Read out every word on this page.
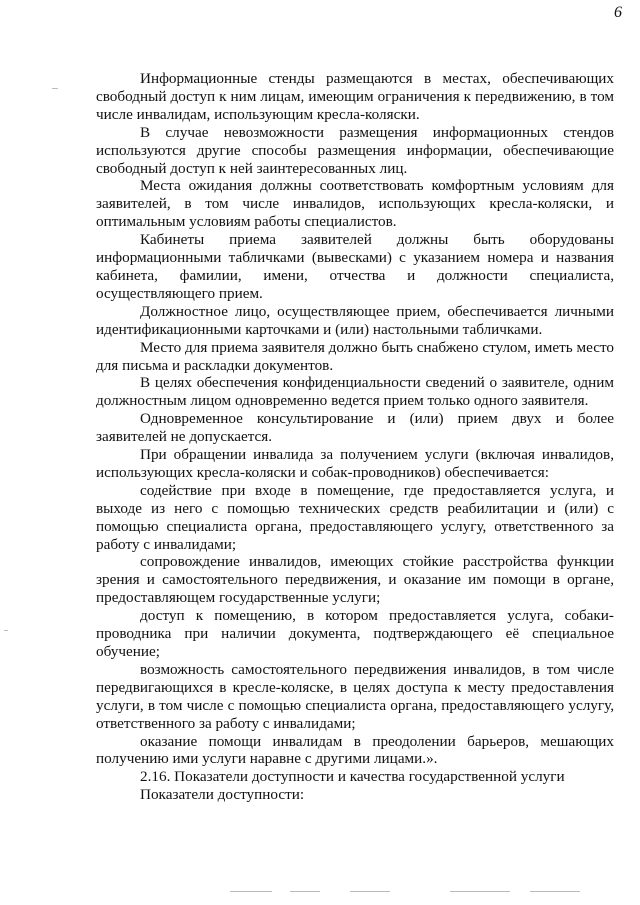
6

Информационные стенды размещаются в местах, обеспечивающих свободный доступ к ним лицам, имеющим ограничения к передвижению, в том числе инвалидам, использующим кресла-коляски.

В случае невозможности размещения информационных стендов используются другие способы размещения информации, обеспечивающие свободный доступ к ней заинтересованных лиц.

Места ожидания должны соответствовать комфортным условиям для заявителей, в том числе инвалидов, использующих кресла-коляски, и оптимальным условиям работы специалистов.

Кабинеты приема заявителей должны быть оборудованы информационными табличками (вывесками) с указанием номера и названия кабинета, фамилии, имени, отчества и должности специалиста, осуществляющего прием.

Должностное лицо, осуществляющее прием, обеспечивается личными идентификационными карточками и (или) настольными табличками.

Место для приема заявителя должно быть снабжено стулом, иметь место для письма и раскладки документов.

В целях обеспечения конфиденциальности сведений о заявителе, одним должностным лицом одновременно ведется прием только одного заявителя.

Одновременное консультирование и (или) прием двух и более заявителей не допускается.

При обращении инвалида за получением услуги (включая инвалидов, использующих кресла-коляски и собак-проводников) обеспечивается:

содействие при входе в помещение, где предоставляется услуга, и выходе из него с помощью технических средств реабилитации и (или) с помощью специалиста органа, предоставляющего услугу, ответственного за работу с инвалидами;

сопровождение инвалидов, имеющих стойкие расстройства функции зрения и самостоятельного передвижения, и оказание им помощи в органе, предоставляющем государственные услуги;

доступ к помещению, в котором предоставляется услуга, собаки-проводника при наличии документа, подтверждающего её специальное обучение;

возможность самостоятельного передвижения инвалидов, в том числе передвигающихся в кресле-коляске, в целях доступа к месту предоставления услуги, в том числе с помощью специалиста органа, предоставляющего услугу, ответственного за работу с инвалидами;

оказание помощи инвалидам в преодолении барьеров, мешающих получению ими услуги наравне с другими лицами.».

2.16. Показатели доступности и качества государственной услуги

Показатели доступности:
